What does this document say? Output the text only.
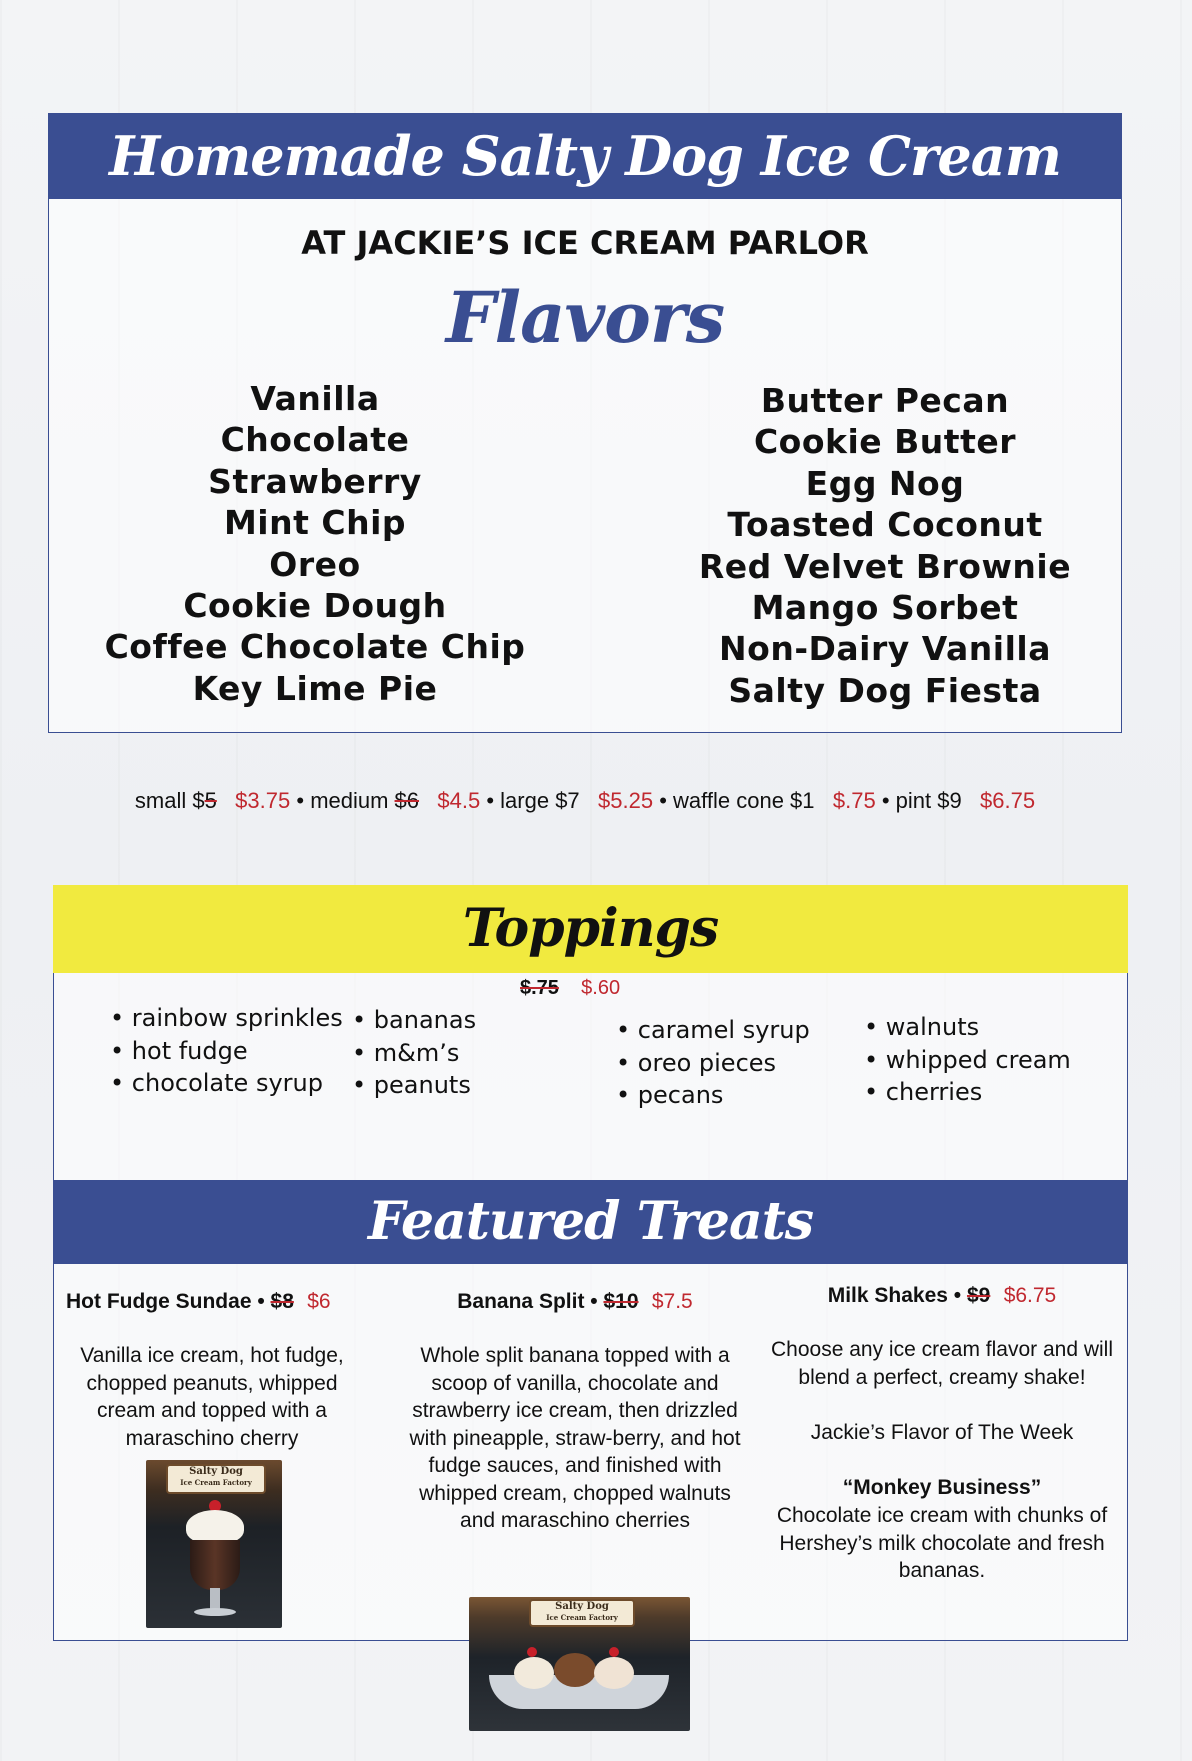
Homemade Salty Dog Ice Cream
AT JACKIE’S ICE CREAM PARLOR
Flavors
Vanilla
Chocolate
Strawberry
Mint Chip
Oreo
Cookie Dough
Coffee Chocolate Chip
Key Lime Pie
Butter Pecan
Cookie Butter
Egg Nog
Toasted Coconut
Red Velvet Brownie
Mango Sorbet
Non-Dairy Vanilla
Salty Dog Fiesta
small $5 $3.75 • medium $6 $4.5 • large $7 $5.25 • waffle cone $1 $.75 • pint $9 $6.75
Toppings
$.75 $.60
• rainbow sprinkles
• hot fudge
• chocolate syrup
• bananas
• m&m’s
• peanuts
• caramel syrup
• oreo pieces
• pecans
• walnuts
• whipped cream
• cherries
Featured Treats
Hot Fudge Sundae • $8 $6
Vanilla ice cream, hot fudge, chopped peanuts, whipped cream and topped with a maraschino cherry
Salty Dog
Ice Cream Factory
Banana Split • $10 $7.5
Whole split banana topped with a scoop of vanilla, chocolate and strawberry ice cream, then drizzled with pineapple, straw-berry, and hot fudge sauces, and finished with whipped cream, chopped walnuts and maraschino cherries
Salty Dog
Ice Cream Factory
Milk Shakes • $9 $6.75
Choose any ice cream flavor and will blend a perfect, creamy shake!
Jackie’s Flavor of The Week
“Monkey Business”
Chocolate ice cream with chunks of Hershey’s milk chocolate and fresh bananas.
